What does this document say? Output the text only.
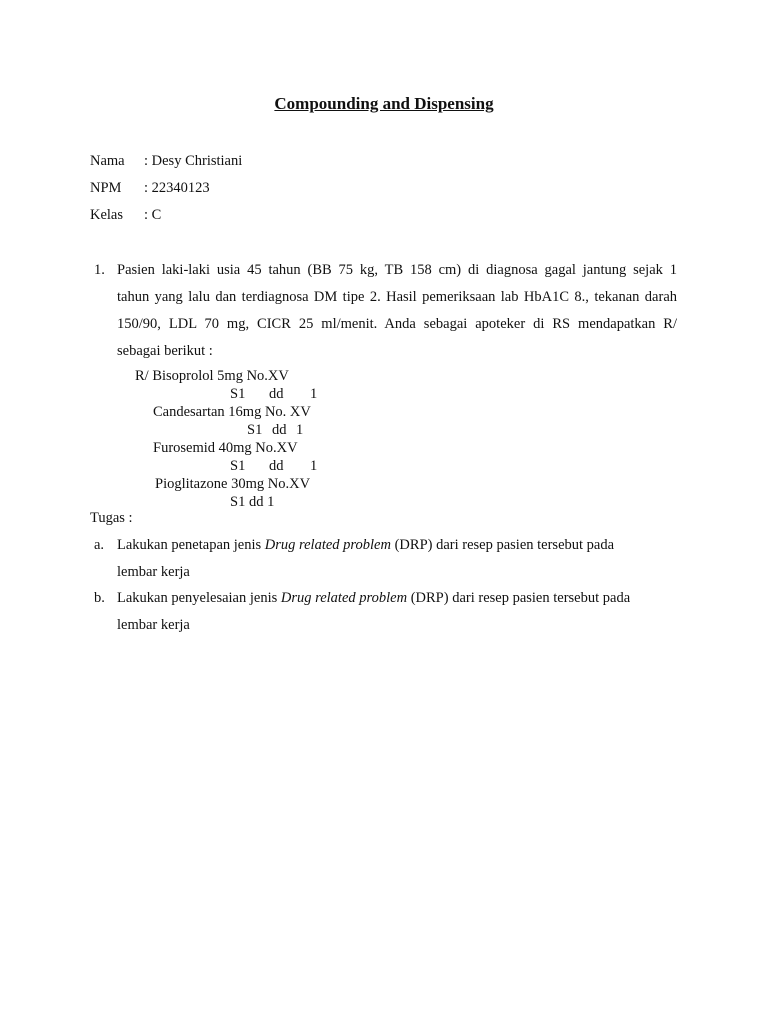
Compounding and Dispensing
Nama : Desy Christiani
NPM : 22340123
Kelas : C
1. Pasien laki-laki usia 45 tahun (BB 75 kg, TB 158 cm) di diagnosa gagal jantung sejak 1
tahun yang lalu dan terdiagnosa DM tipe 2. Hasil pemeriksaan lab HbA1C 8., tekanan darah
150/90, LDL 70 mg, CICR 25 ml/menit. Anda sebagai apoteker di RS mendapatkan R/
sebagai berikut :
R/ Bisoprolol 5mg No.XV
S1 dd 1
Candesartan 16mg No. XV
S1 dd 1
Furosemid 40mg No.XV
S1 dd 1
Pioglitazone 30mg No.XV
S1 dd 1
Tugas :
a. Lakukan penetapan jenis Drug related problem (DRP) dari resep pasien tersebut pada
lembar kerja
b. Lakukan penyelesaian jenis Drug related problem (DRP) dari resep pasien tersebut pada
lembar kerja
